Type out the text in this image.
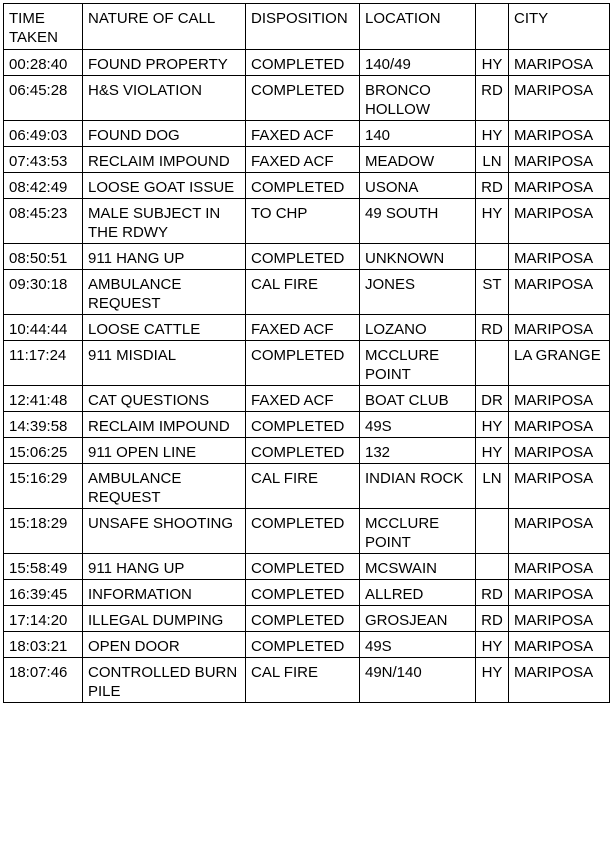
TIME TAKEN	NATURE OF CALL	DISPOSITION	LOCATION		CITY
00:28:40	FOUND PROPERTY	COMPLETED	140/49	HY	MARIPOSA
06:45:28	H&S VIOLATION	COMPLETED	BRONCO HOLLOW	RD	MARIPOSA
06:49:03	FOUND DOG	FAXED ACF	140	HY	MARIPOSA
07:43:53	RECLAIM IMPOUND	FAXED ACF	MEADOW	LN	MARIPOSA
08:42:49	LOOSE GOAT ISSUE	COMPLETED	USONA	RD	MARIPOSA
08:45:23	MALE SUBJECT IN THE RDWY	TO CHP	49 SOUTH	HY	MARIPOSA
08:50:51	911 HANG UP	COMPLETED	UNKNOWN		MARIPOSA
09:30:18	AMBULANCE REQUEST	CAL FIRE	JONES	ST	MARIPOSA
10:44:44	LOOSE CATTLE	FAXED ACF	LOZANO	RD	MARIPOSA
11:17:24	911 MISDIAL	COMPLETED	MCCLURE POINT		LA GRANGE
12:41:48	CAT QUESTIONS	FAXED ACF	BOAT CLUB	DR	MARIPOSA
14:39:58	RECLAIM IMPOUND	COMPLETED	49S	HY	MARIPOSA
15:06:25	911 OPEN LINE	COMPLETED	132	HY	MARIPOSA
15:16:29	AMBULANCE REQUEST	CAL FIRE	INDIAN ROCK	LN	MARIPOSA
15:18:29	UNSAFE SHOOTING	COMPLETED	MCCLURE POINT		MARIPOSA
15:58:49	911 HANG UP	COMPLETED	MCSWAIN		MARIPOSA
16:39:45	INFORMATION	COMPLETED	ALLRED	RD	MARIPOSA
17:14:20	ILLEGAL DUMPING	COMPLETED	GROSJEAN	RD	MARIPOSA
18:03:21	OPEN DOOR	COMPLETED	49S	HY	MARIPOSA
18:07:46	CONTROLLED BURN PILE	CAL FIRE	49N/140	HY	MARIPOSA
